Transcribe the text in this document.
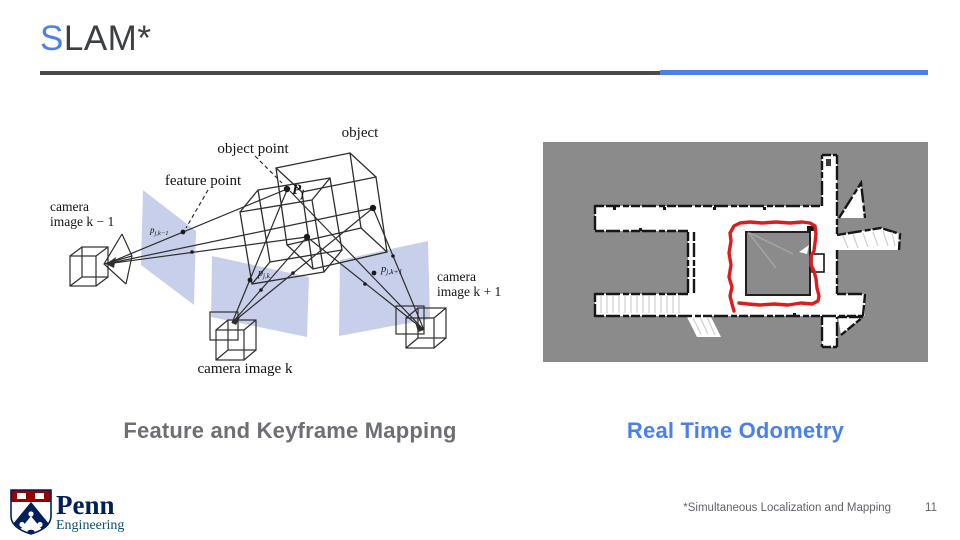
SLAM*
object
object point
feature point
$P_j$
camera
image k − 1
$p_{j,k-1}$
camera image k
$p_{j,k}$
pj,k+1	camera
image k + 1
Feature and Keyframe Mapping	Real Time Odometry
Penn
Engineering
*Simultaneous Localization and Mapping	11
